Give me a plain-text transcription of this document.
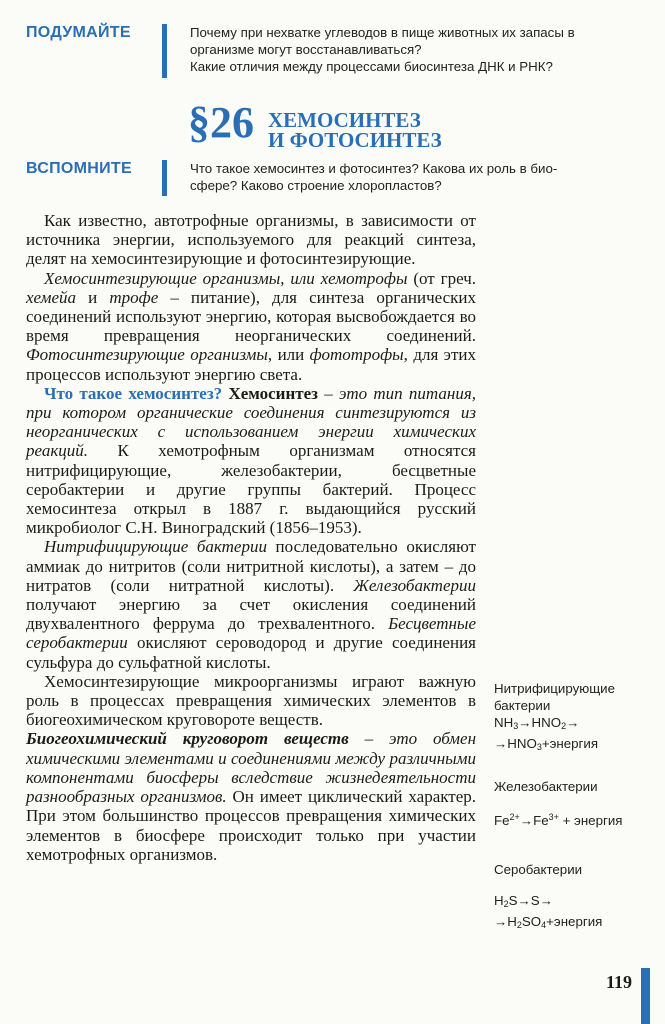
ПОДУМАЙТЕ	Почему при нехватке углеводов в пище животных их запасы в
организме могут восстанавливаться?
Какие отличия между процессами биосинтеза ДНК и РНК?
§26 ХЕМОСИНТЕЗ
И ФОТОСИНТЕЗ
ВСПОМНИТЕ	Что такое хемосинтез и фотосинтез? Какова их роль в био-
сфере? Каково строение хлоропластов?

Как известно, автотрофные организмы, в зависимости от источника энергии, используемого для реакций синтеза, делят на хемосинтезирующие и фотосинтезирующие.

Хемосинтезирующие организмы, или хемотрофы (от греч. хемейа и трофе – питание), для синтеза органических соединений используют энергию, которая высвобождается во время превращения неорганических соединений. Фотосинтезирующие организмы, или фототрофы, для этих процессов используют энергию света.

Что такое хемосинтез? Хемосинтез – это тип питания, при котором органические соединения синтезируются из неорганических с использованием энергии химических реакций. К хемотрофным организмам относятся нитрифицирующие, железобактерии, бесцветные серобактерии и другие группы бактерий. Процесс хемосинтеза открыл в 1887 г. выдающийся русский микробиолог С.Н. Виноградский (1856–1953).

Нитрифицирующие бактерии последовательно окисляют аммиак до нитритов (соли нитритной кислоты), а затем – до нитратов (соли нитратной кислоты). Железобактерии получают энергию за счет окисления соединений двухвалентного феррума до трехвалентного. Бесцветные серобактерии окисляют сероводород и другие соединения сульфура до сульфатной кислоты.

Хемосинтезирующие микроорганизмы играют важную роль в процессах превращения химических элементов в биогеохимическом круговороте веществ.

Биогеохимический круговорот веществ – это обмен химическими элементами и соединениями между различными компонентами биосферы вследствие жизнедеятельности разнообразных организмов. Он имеет циклический характер. При этом большинство процессов превращения химических элементов в биосфере происходит только при участии хемотрофных организмов.

Нитрифицирующие
бактерии
$NH_3\to HNO_2\to$
$\to HNO_3+энергия$
Железобактерии
$Fe^{2+}\to Fe^{3+}$ + энергия
Серобактерии
$H_2S\to S\to$
$\to H_2SO_4+энергия$
119
